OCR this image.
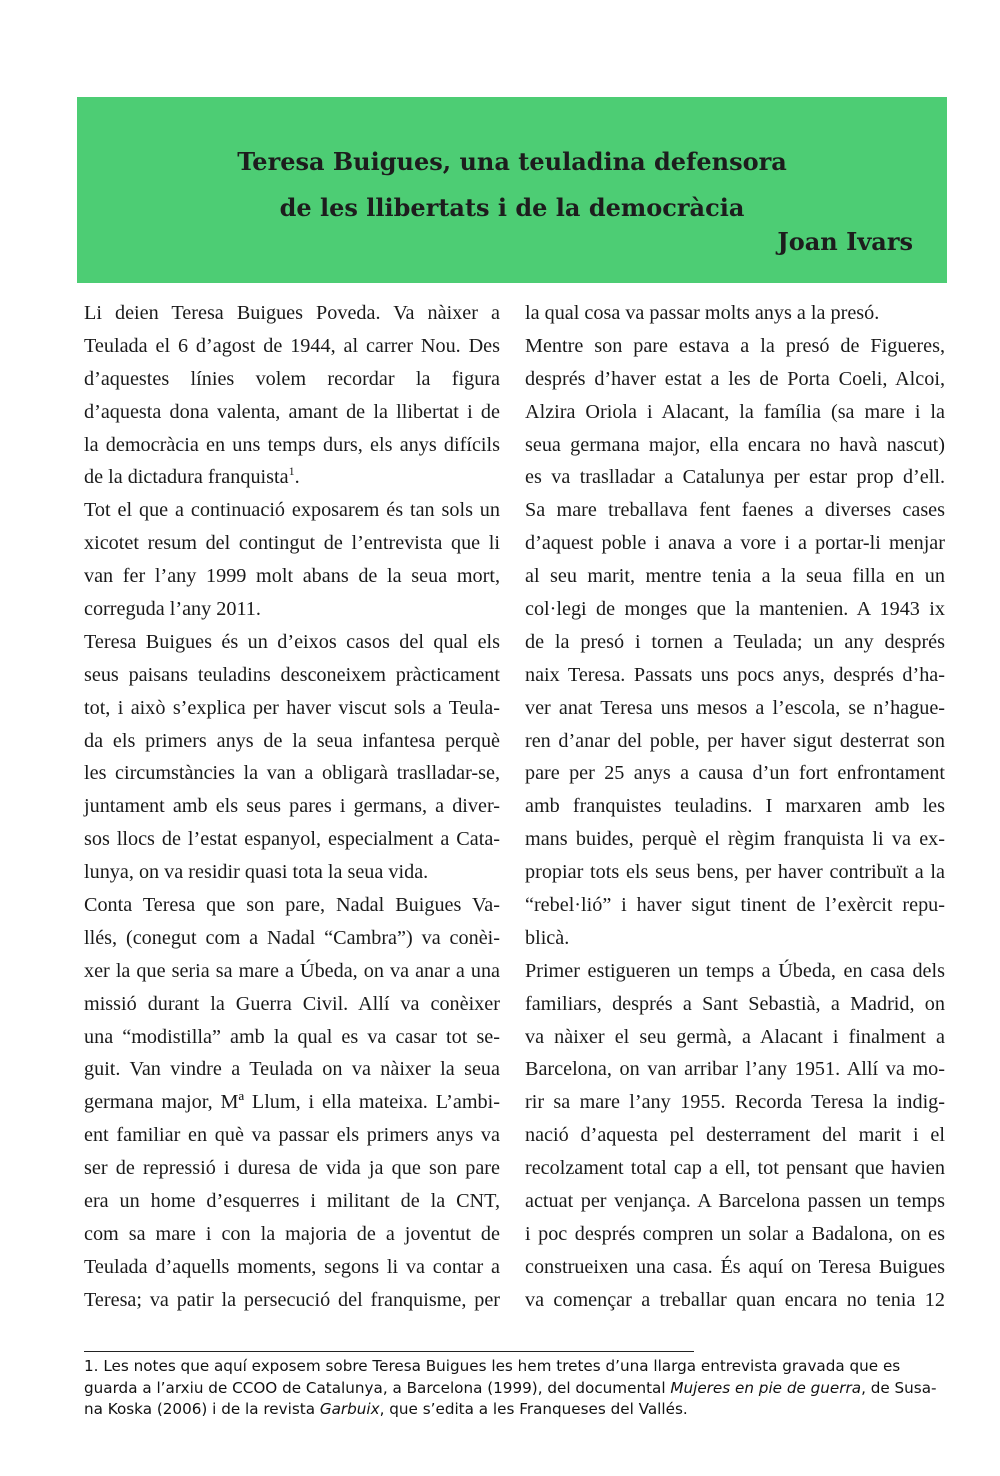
Teresa Buigues, una teuladina defensora
de les llibertats i de la democràcia
Joan Ivars
Li deien Teresa Buigues Poveda. Va nàixer a
Teulada el 6 d’agost de 1944, al carrer Nou. Des
d’aquestes línies volem recordar la figura
d’aquesta dona valenta, amant de la llibertat i de
la democràcia en uns temps durs, els anys difícils
de la dictadura franquista$^1$.
Tot el que a continuació exposarem és tan sols un
xicotet resum del contingut de l’entrevista que li
van fer l’any 1999 molt abans de la seua mort,
correguda l’any 2011.
Teresa Buigues és un d’eixos casos del qual els
seus paisans teuladins desconeixem pràcticament
tot, i això s’explica per haver viscut sols a Teula-
da els primers anys de la seua infantesa perquè
les circumstàncies la van a obligarà traslladar-se,
juntament amb els seus pares i germans, a diver-
sos llocs de l’estat espanyol, especialment a Cata-
lunya, on va residir quasi tota la seua vida.
Conta Teresa que son pare, Nadal Buigues Va-
llés, (conegut com a Nadal “Cambra”) va conèi-
xer la que seria sa mare a Úbeda, on va anar a una
missió durant la Guerra Civil. Allí va conèixer
una “modistilla” amb la qual es va casar tot se-
guit. Van vindre a Teulada on va nàixer la seua
germana major, Mª Llum, i ella mateixa. L’ambi-
ent familiar en què va passar els primers anys va
ser de repressió i duresa de vida ja que son pare
era un home d’esquerres i militant de la CNT,
com sa mare i con la majoria de a joventut de
Teulada d’aquells moments, segons li va contar a
Teresa; va patir la persecució del franquisme, per
la qual cosa va passar molts anys a la presó.
Mentre son pare estava a la presó de Figueres,
després d’haver estat a les de Porta Coeli, Alcoi,
Alzira Oriola i Alacant, la família (sa mare i la
seua germana major, ella encara no havà nascut)
es va traslladar a Catalunya per estar prop d’ell.
Sa mare treballava fent faenes a diverses cases
d’aquest poble i anava a vore i a portar-li menjar
al seu marit, mentre tenia a la seua filla en un
col·legi de monges que la mantenien. A 1943 ix
de la presó i tornen a Teulada; un any després
naix Teresa. Passats uns pocs anys, després d’ha-
ver anat Teresa uns mesos a l’escola, se n’hague-
ren d’anar del poble, per haver sigut desterrat son
pare per 25 anys a causa d’un fort enfrontament
amb franquistes teuladins. I marxaren amb les
mans buides, perquè el règim franquista li va ex-
propiar tots els seus bens, per haver contribuït a la
“rebel·lió” i haver sigut tinent de l’exèrcit repu-
blicà.
Primer estigueren un temps a Úbeda, en casa dels
familiars, després a Sant Sebastià, a Madrid, on
va nàixer el seu germà, a Alacant i finalment a
Barcelona, on van arribar l’any 1951. Allí va mo-
rir sa mare l’any 1955. Recorda Teresa la indig-
nació d’aquesta pel desterrament del marit i el
recolzament total cap a ell, tot pensant que havien
actuat per venjança. A Barcelona passen un temps
i poc després compren un solar a Badalona, on es
construeixen una casa. És aquí on Teresa Buigues
va començar a treballar quan encara no tenia 12
1. Les notes que aquí exposem sobre Teresa Buigues les hem tretes d’una llarga entrevista gravada que es
guarda a l’arxiu de CCOO de Catalunya, a Barcelona (1999), del documental Mujeres en pie de guerra, de Susa-
na Koska (2006) i de la revista Garbuix, que s’edita a les Franqueses del Vallés.
